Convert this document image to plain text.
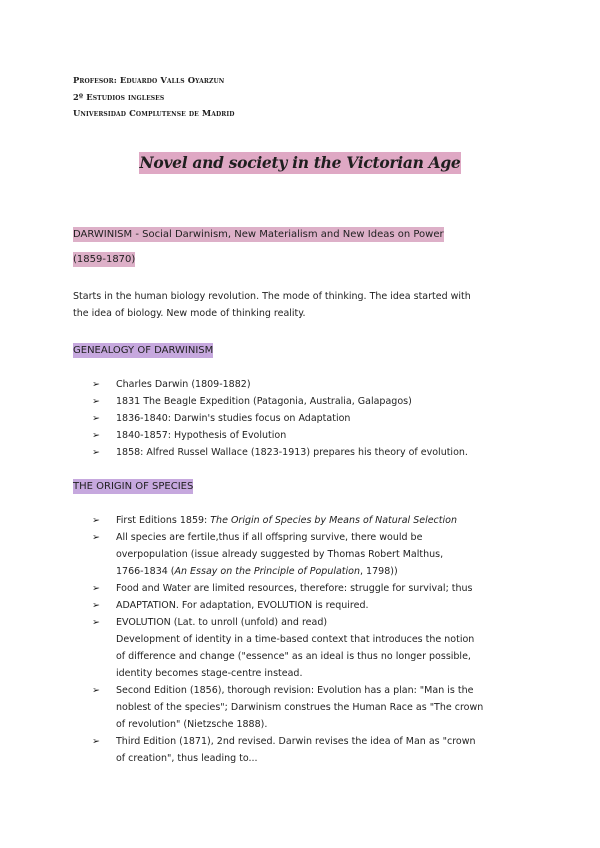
Profesor: Eduardo Valls Oyarzun
2º Estudios ingleses
Universidad Complutense de Madrid
Novel and society in the Victorian Age
DARWINISM - Social Darwinism, New Materialism and New Ideas on Power
(1859-1870)
Starts in the human biology revolution. The mode of thinking. The idea started with
the idea of biology. New mode of thinking reality.
GENEALOGY OF DARWINISM
➢ Charles Darwin (1809-1882)
➢ 1831 The Beagle Expedition (Patagonia, Australia, Galapagos)
➢ 1836-1840: Darwin's studies focus on Adaptation
➢ 1840-1857: Hypothesis of Evolution
➢ 1858: Alfred Russel Wallace (1823-1913) prepares his theory of evolution.
THE ORIGIN OF SPECIES
➢ First Editions 1859: The Origin of Species by Means of Natural Selection
➢ All species are fertile,thus if all offspring survive, there would be
overpopulation (issue already suggested by Thomas Robert Malthus,
1766-1834 (An Essay on the Principle of Population, 1798))
➢ Food and Water are limited resources, therefore: struggle for survival; thus
➢ ADAPTATION. For adaptation, EVOLUTION is required.
➢ EVOLUTION (Lat. to unroll (unfold) and read)
Development of identity in a time-based context that introduces the notion
of difference and change ("essence" as an ideal is thus no longer possible,
identity becomes stage-centre instead.
➢ Second Edition (1856), thorough revision: Evolution has a plan: "Man is the
noblest of the species"; Darwinism construes the Human Race as "The crown
of revolution" (Nietzsche 1888).
➢ Third Edition (1871), 2nd revised. Darwin revises the idea of Man as "crown
of creation", thus leading to...
